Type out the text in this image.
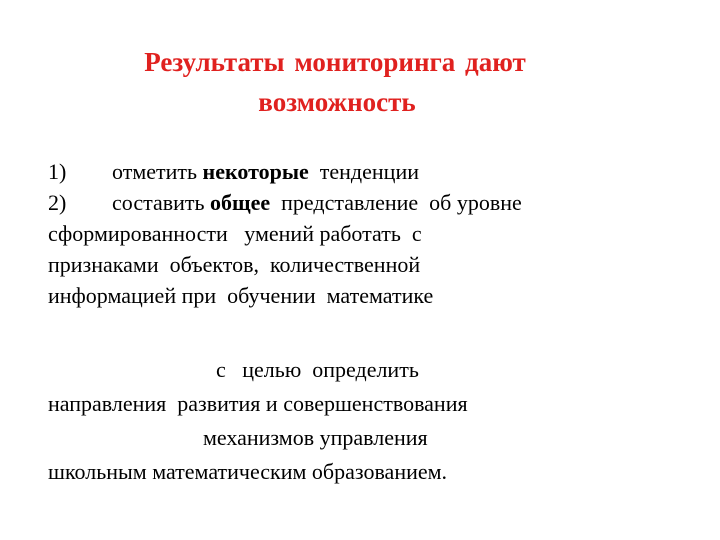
Результаты мониторинга дают
возможность
1) отметить некоторые  тенденции
2) составить общее  представление  об уровне
сформированности   умений работать  с
признаками  объектов,  количественной
информацией при  обучении  математике
с   целью  определить
направления  развития и совершенствования
механизмов управления
школьным математическим образованием.
